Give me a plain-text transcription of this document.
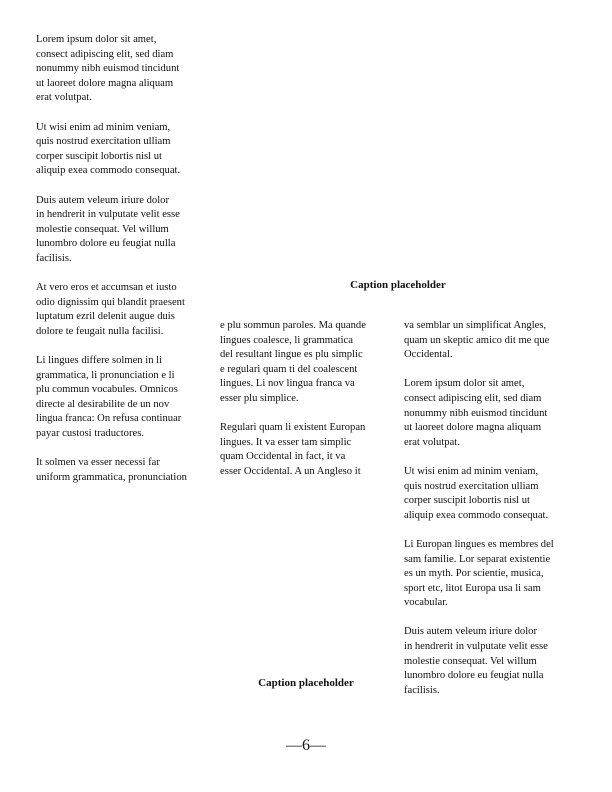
Lorem ipsum dolor sit amet,
consect adipiscing elit, sed diam
nonummy nibh euismod tincidunt
ut laoreet dolore magna aliquam
erat volutpat.

Ut wisi enim ad minim veniam,
quis nostrud exercitation ulliam
corper suscipit lobortis nisl ut
aliquip exea commodo consequat.

Duis autem veleum iriure dolor
in hendrerit in vulputate velit esse
molestie consequat. Vel willum
lunombro dolore eu feugiat nulla
facilisis.

At vero eros et accumsan et iusto
odio dignissim qui blandit praesent
luptatum ezril delenit augue duis
dolore te feugait nulla facilisi.

Li lingues differe solmen in li
grammatica, li pronunciation e li
plu commun vocabules. Omnicos
directe al desirabilite de un nov
lingua franca: On refusa continuar
payar custosi traductores.

It solmen va esser necessi far
uniform grammatica, pronunciation

Caption placeholder

e plu sommun paroles. Ma quande
lingues coalesce, li grammatica
del resultant lingue es plu simplic
e regulari quam ti del coalescent
lingues. Li nov lingua franca va
esser plu simplice.

Regulari quam li existent Europan
lingues. It va esser tam simplic
quam Occidental in fact, it va
esser Occidental. A un Angleso it

va semblar un simplificat Angles,
quam un skeptic amico dit me que
Occidental.

Lorem ipsum dolor sit amet,
consect adipiscing elit, sed diam
nonummy nibh euismod tincidunt
ut laoreet dolore magna aliquam
erat volutpat.

Ut wisi enim ad minim veniam,
quis nostrud exercitation ulliam
corper suscipit lobortis nisl ut
aliquip exea commodo consequat.

Li Europan lingues es membres del
sam familie. Lor separat existentie
es un myth. Por scientie, musica,
sport etc, litot Europa usa li sam
vocabular.

Duis autem veleum iriure dolor
in hendrerit in vulputate velit esse
molestie consequat. Vel willum
lunombro dolore eu feugiat nulla
facilisis.

Caption placeholder
—6—
